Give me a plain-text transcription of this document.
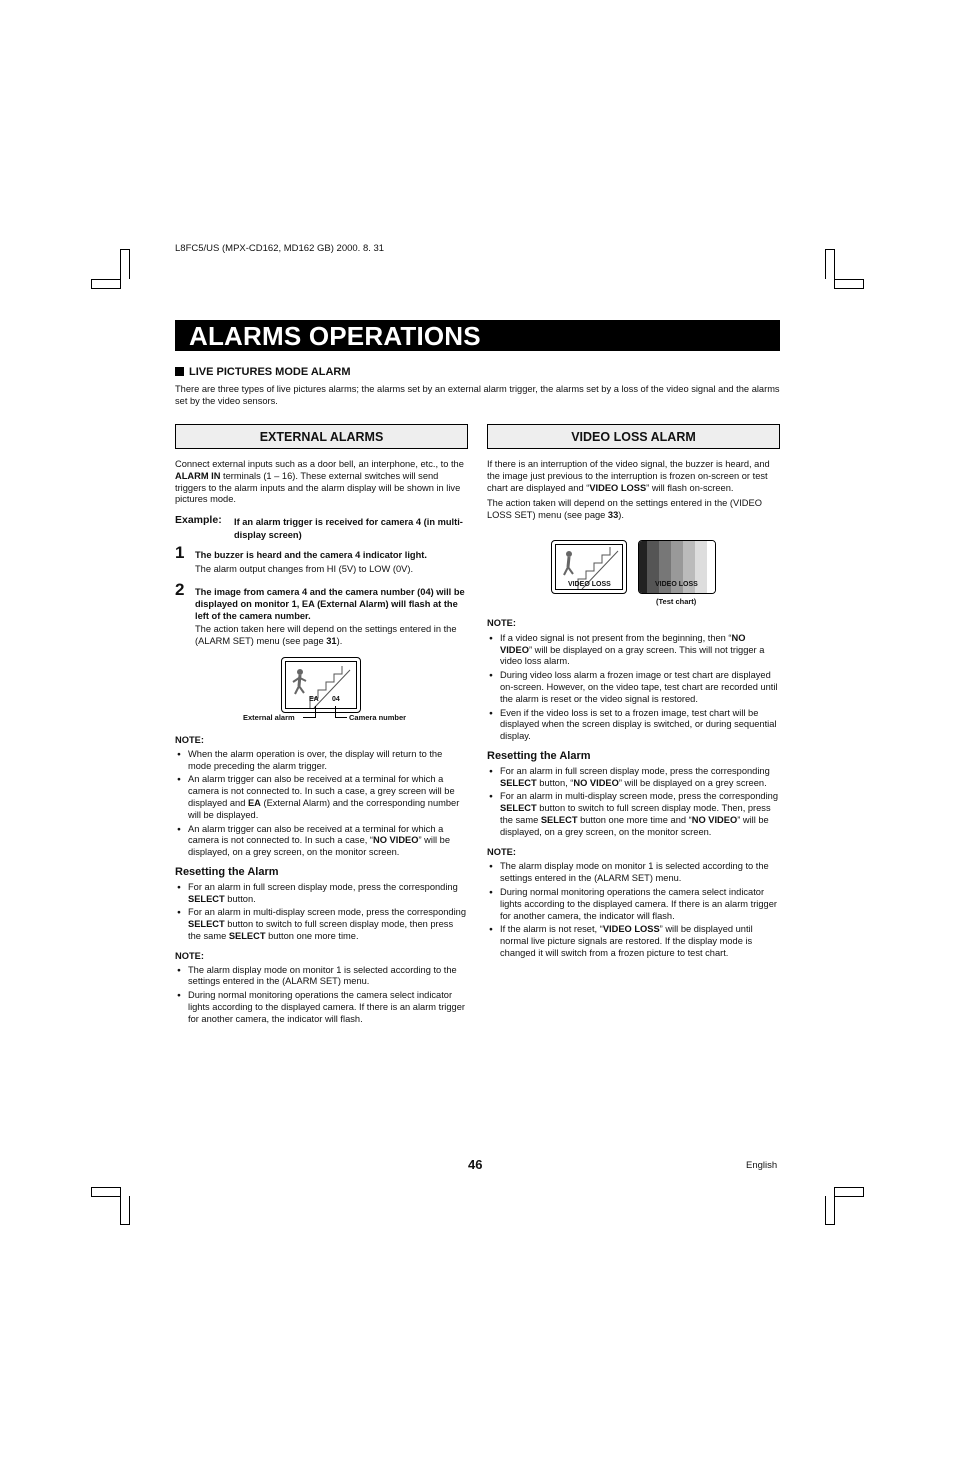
L8FC5/US (MPX-CD162, MD162 GB) 2000. 8. 31
ALARMS OPERATIONS
LIVE PICTURES MODE ALARM
There are three types of live pictures alarms; the alarms set by an external alarm trigger, the alarms set by a loss of the video signal and the alarms set by the video sensors.
EXTERNAL ALARMS

Connect external inputs such as a door bell, an interphone, etc., to the ALARM IN terminals (1 – 16). These external switches will send triggers to the alarm inputs and the alarm display will be shown in live pictures mode.

Example: If an alarm trigger is received for camera 4 (in multi-display screen)
1 The buzzer is heard and the camera 4 indicator light.

The alarm output changes from HI (5V) to LOW (0V).

2 The image from camera 4 and the camera number (04) will be displayed on monitor 1, EA (External Alarm) will flash at the left of the camera number.

The action taken here will depend on the settings entered in the (ALARM SET) menu (see page 31).

EA 04
External alarm	Camera number
NOTE:
● When the alarm operation is over, the display will return to the mode preceding the alarm trigger.
● An alarm trigger can also be received at a terminal for which a camera is not connected to. In such a case, a grey screen will be displayed and EA (External Alarm) and the corresponding number will be displayed.
● An alarm trigger can also be received at a terminal for which a camera is not connected to. In such a case, “NO VIDEO” will be displayed, on a grey screen, on the monitor screen.
Resetting the Alarm
● For an alarm in full screen display mode, press the corresponding SELECT button.
● For an alarm in multi-display screen mode, press the corresponding SELECT button to switch to full screen display mode, then press the same SELECT button one more time.
NOTE:
● The alarm display mode on monitor 1 is selected according to the settings entered in the (ALARM SET) menu.
● During normal monitoring operations the camera select indicator lights according to the displayed camera. If there is an alarm trigger for another camera, the indicator will flash.
VIDEO LOSS ALARM

If there is an interruption of the video signal, the buzzer is heard, and the image just previous to the interruption is frozen on-screen or test chart are displayed and “VIDEO LOSS” will flash on-screen.

The action taken will depend on the settings entered in the (VIDEO LOSS SET) menu (see page 33).

VIDEO LOSS	VIDEO LOSS
(Test chart)
NOTE:
● If a video signal is not present from the beginning, then “NO VIDEO” will be displayed on a gray screen. This will not trigger a video loss alarm.
● During video loss alarm a frozen image or test chart are displayed on-screen. However, on the video tape, test chart are recorded until the alarm is reset or the video signal is restored.
● Even if the video loss is set to a frozen image, test chart will be displayed when the screen display is switched, or during sequential display.
Resetting the Alarm
● For an alarm in full screen display mode, press the corresponding SELECT button, “NO VIDEO” will be displayed on a grey screen.
● For an alarm in multi-display screen mode, press the corresponding SELECT button to switch to full screen display mode. Then, press the same SELECT button one more time and “NO VIDEO” will be displayed, on a grey screen, on the monitor screen.
NOTE:
● The alarm display mode on monitor 1 is selected according to the settings entered in the (ALARM SET) menu.
● During normal monitoring operations the camera select indicator lights according to the displayed camera. If there is an alarm trigger for another camera, the indicator will flash.
● If the alarm is not reset, “VIDEO LOSS” will be displayed until normal live picture signals are restored. If the display mode is changed it will switch from a frozen picture to test chart.
46	English
